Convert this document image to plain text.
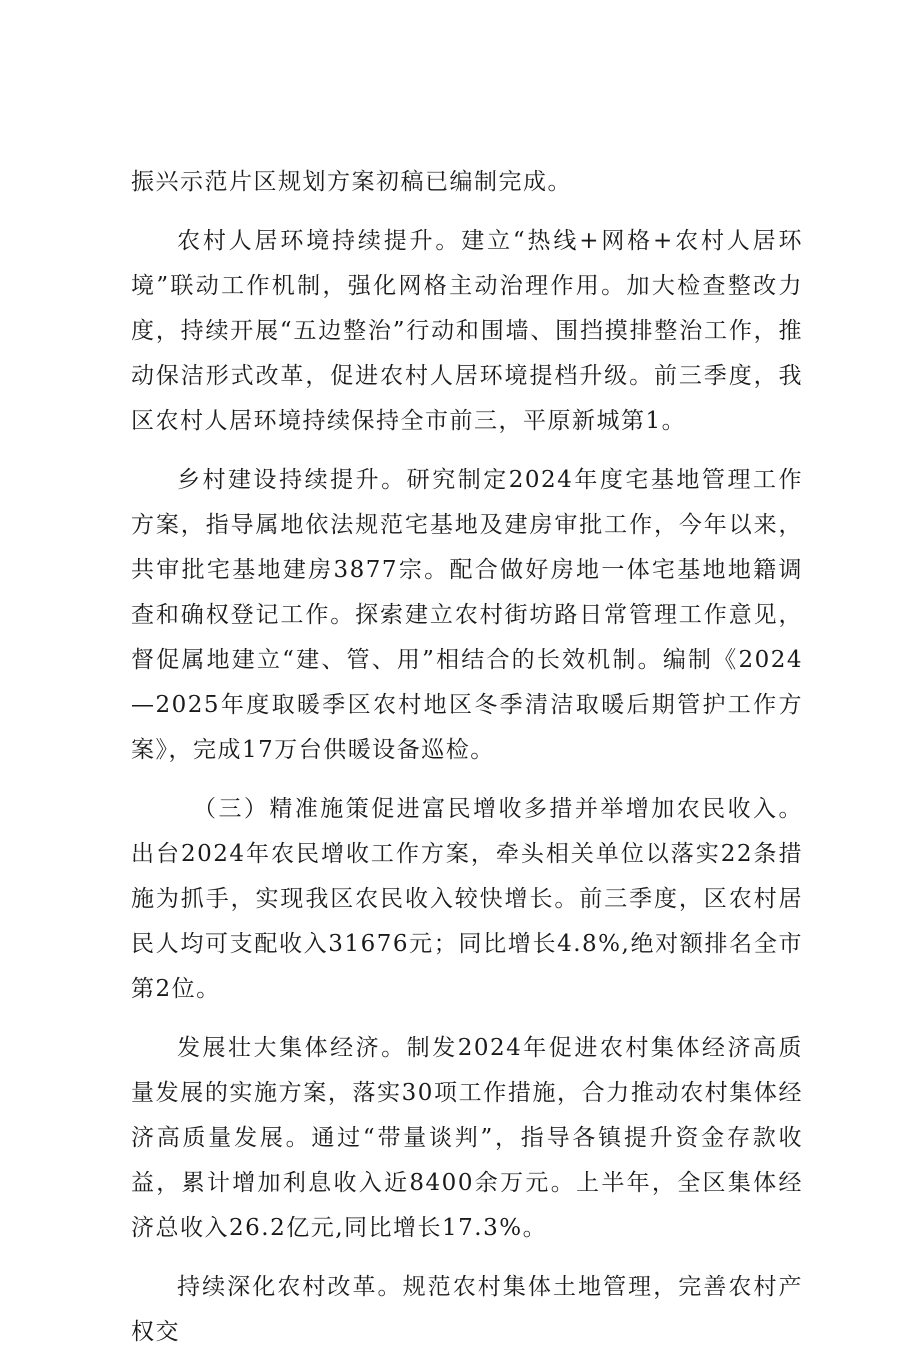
振兴示范片区规划方案初稿已编制完成。

农村人居环境持续提升。建立“热线+网格+农村人居环境”联动工作机制，强化网格主动治理作用。加大检查整改力度，持续开展“五边整治”行动和围墙、围挡摸排整治工作，推动保洁形式改革，促进农村人居环境提档升级。前三季度，我区农村人居环境持续保持全市前三，平原新城第1。

乡村建设持续提升。研究制定2024年度宅基地管理工作方案，指导属地依法规范宅基地及建房审批工作，今年以来，共审批宅基地建房3877宗。配合做好房地一体宅基地地籍调查和确权登记工作。探索建立农村街坊路日常管理工作意见，督促属地建立“建、管、用”相结合的长效机制。编制《2024—2025年度取暖季区农村地区冬季清洁取暖后期管护工作方案》，完成17万台供暖设备巡检。

（三）精准施策促进富民增收多措并举增加农民收入。出台2024年农民增收工作方案，牵头相关单位以落实22条措施为抓手，实现我区农民收入较快增长。前三季度，区农村居民人均可支配收入31676元；同比增长4.8%,绝对额排名全市第2位。

发展壮大集体经济。制发2024年促进农村集体经济高质量发展的实施方案，落实30项工作措施，合力推动农村集体经济高质量发展。通过“带量谈判”，指导各镇提升资金存款收益，累计增加利息收入近8400余万元。上半年，全区集体经济总收入26.2亿元,同比增长17.3%。

持续深化农村改革。规范农村集体土地管理，完善农村产权交
